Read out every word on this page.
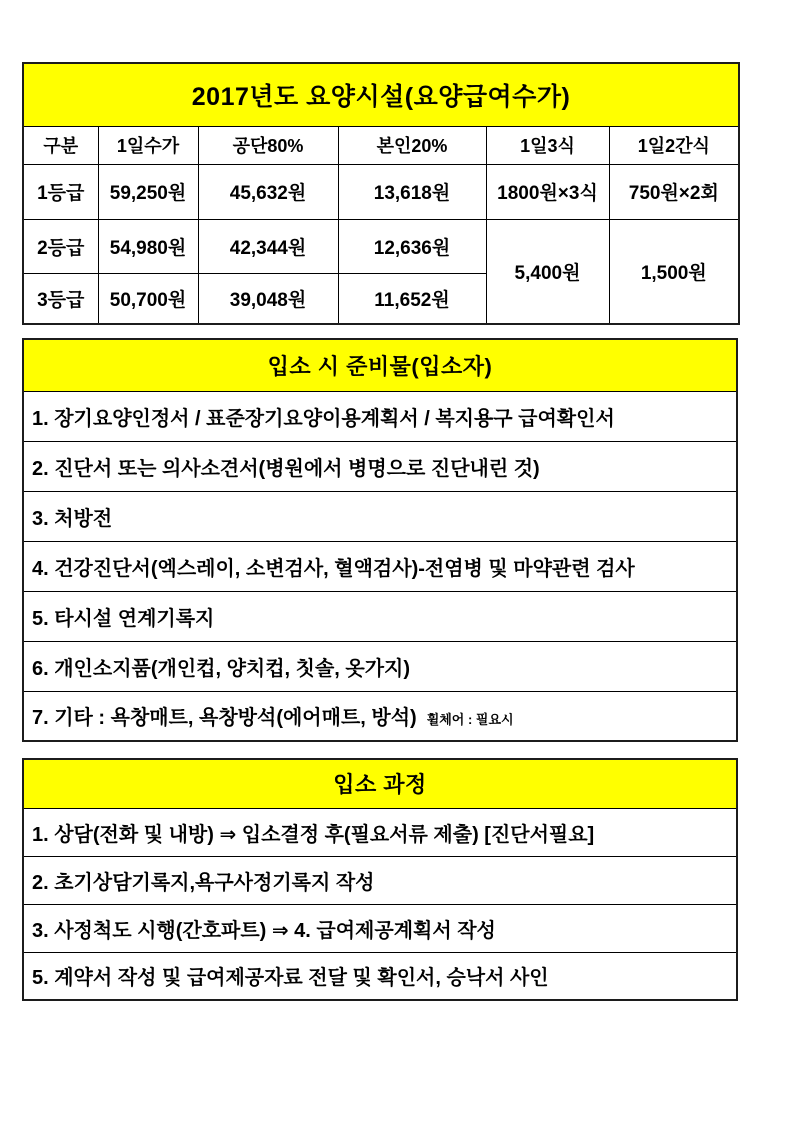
2017년도 요양시설(요양급여수가)					
구분	1일수가	공단80%	본인20%	1일3식	1일2간식
1등급	59,250원	45,632원	13,618원	1800원×3식	750원×2회
2등급	54,980원	42,344원	12,636원	5,400원	1,500원
3등급	50,700원	39,048원	11,652원		
입소 시 준비물(입소자)
1. 장기요양인정서 / 표준장기요양이용계획서 / 복지용구 급여확인서
2. 진단서 또는 의사소견서(병원에서 병명으로 진단내린 것)
3. 처방전
4. 건강진단서(엑스레이, 소변검사, 혈액검사)-전염병 및 마약관련 검사
5. 타시설 연계기록지
6. 개인소지품(개인컵, 양치컵, 칫솔, 옷가지)
7. 기타 : 욕창매트, 욕창방석(에어매트, 방석) 휠체어 : 필요시
입소 과정
1. 상담(전화 및 내방) ⇒ 입소결정 후(필요서류 제출) [진단서필요]
2. 초기상담기록지,욕구사정기록지 작성
3. 사정척도 시행(간호파트) ⇒ 4. 급여제공계획서 작성
5. 계약서 작성 및 급여제공자료 전달 및 확인서, 승낙서 사인
